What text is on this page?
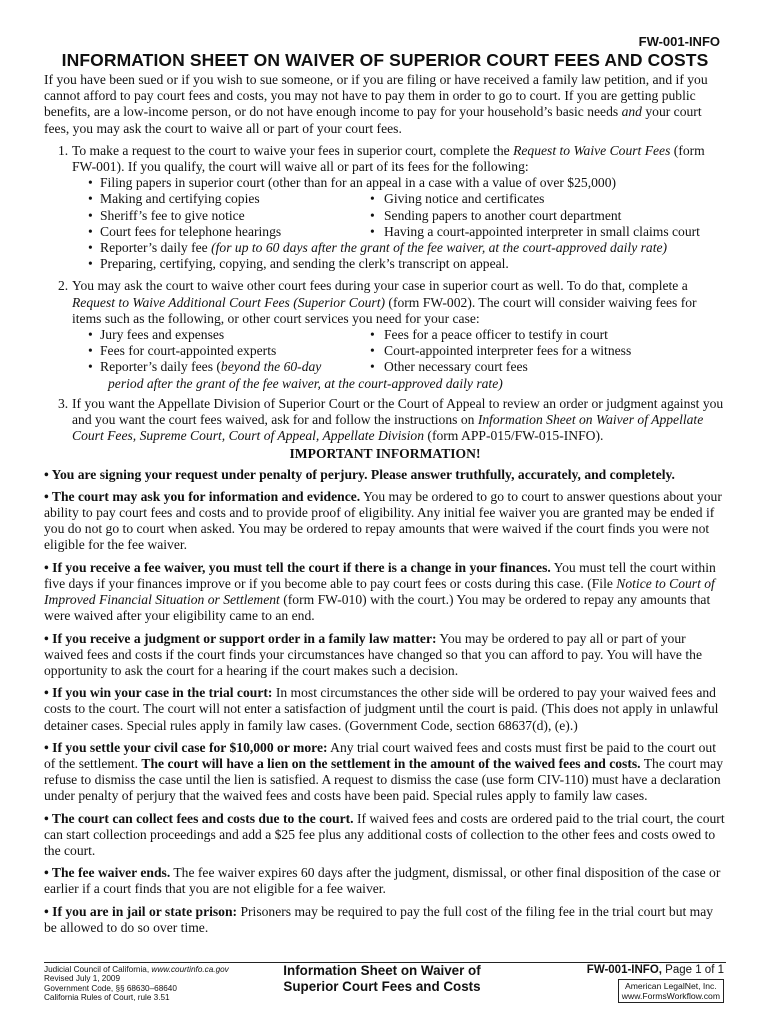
FW-001-INFO
INFORMATION SHEET ON WAIVER OF SUPERIOR COURT FEES AND COSTS

If you have been sued or if you wish to sue someone, or if you are filing or have received a family law petition, and if you cannot afford to pay court fees and costs, you may not have to pay them in order to go to court. If you are getting public benefits, are a low-income person, or do not have enough income to pay for your household’s basic needs and your court fees, you may ask the court to waive all or part of your court fees.

1. To make a request to the court to waive your fees in superior court, complete the Request to Waive Court Fees (form FW-001). If you qualify, the court will waive all or part of its fees for the following:
• Filing papers in superior court (other than for an appeal in a case with a value of over $25,000)
• Making and certifying copies	• Giving notice and certificates
• Sheriff’s fee to give notice	• Sending papers to another court department
• Court fees for telephone hearings	• Having a court-appointed interpreter in small claims court
• Reporter’s daily fee (for up to 60 days after the grant of the fee waiver, at the court-approved daily rate)
• Preparing, certifying, copying, and sending the clerk’s transcript on appeal.
2. You may ask the court to waive other court fees during your case in superior court as well. To do that, complete a Request to Waive Additional Court Fees (Superior Court) (form FW-002). The court will consider waiving fees for items such as the following, or other court services you need for your case:
• Jury fees and expenses	• Fees for a peace officer to testify in court
• Fees for court-appointed experts	• Court-appointed interpreter fees for a witness
• Reporter’s daily fees (beyond the 60-day	• Other necessary court fees
period after the grant of the fee waiver, at the court-approved daily rate)
3. If you want the Appellate Division of Superior Court or the Court of Appeal to review an order or judgment against you and you want the court fees waived, ask for and follow the instructions on Information Sheet on Waiver of Appellate Court Fees, Supreme Court, Court of Appeal, Appellate Division (form APP-015/FW-015-INFO).
IMPORTANT INFORMATION!

• You are signing your request under penalty of perjury. Please answer truthfully, accurately, and completely.

• The court may ask you for information and evidence. You may be ordered to go to court to answer questions about your ability to pay court fees and costs and to provide proof of eligibility. Any initial fee waiver you are granted may be ended if you do not go to court when asked. You may be ordered to repay amounts that were waived if the court finds you were not eligible for the fee waiver.

• If you receive a fee waiver, you must tell the court if there is a change in your finances. You must tell the court within five days if your finances improve or if you become able to pay court fees or costs during this case. (File Notice to Court of Improved Financial Situation or Settlement (form FW-010) with the court.) You may be ordered to repay any amounts that were waived after your eligibility came to an end.

• If you receive a judgment or support order in a family law matter: You may be ordered to pay all or part of your waived fees and costs if the court finds your circumstances have changed so that you can afford to pay. You will have the opportunity to ask the court for a hearing if the court makes such a decision.

• If you win your case in the trial court: In most circumstances the other side will be ordered to pay your waived fees and costs to the court. The court will not enter a satisfaction of judgment until the court is paid. (This does not apply in unlawful detainer cases. Special rules apply in family law cases. (Government Code, section 68637(d), (e).)

• If you settle your civil case for $10,000 or more: Any trial court waived fees and costs must first be paid to the court out of the settlement. The court will have a lien on the settlement in the amount of the waived fees and costs. The court may refuse to dismiss the case until the lien is satisfied. A request to dismiss the case (use form CIV-110) must have a declaration under penalty of perjury that the waived fees and costs have been paid. Special rules apply to family law cases.

• The court can collect fees and costs due to the court. If waived fees and costs are ordered paid to the trial court, the court can start collection proceedings and add a $25 fee plus any additional costs of collection to the other fees and costs owed to the court.

• The fee waiver ends. The fee waiver expires 60 days after the judgment, dismissal, or other final disposition of the case or earlier if a court finds that you are not eligible for a fee waiver.

• If you are in jail or state prison: Prisoners may be required to pay the full cost of the filing fee in the trial court but may be allowed to do so over time.

Judicial Council of California, www.courtinfo.ca.gov
Revised July 1, 2009
Government Code, §§ 68630–68640
California Rules of Court, rule 3.51
Information Sheet on Waiver of
Superior Court Fees and Costs
FW-001-INFO, Page 1 of 1
American LegalNet, Inc.
www.FormsWorkflow.com
